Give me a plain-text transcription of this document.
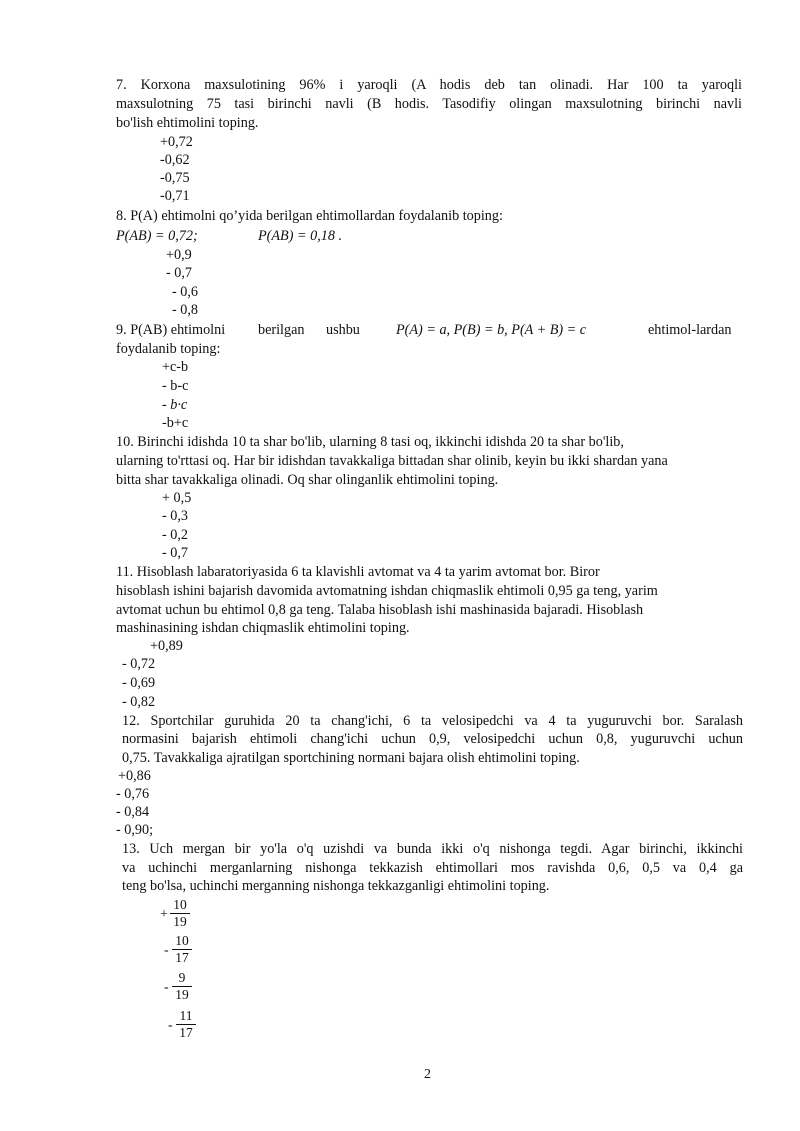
7. Korxona maxsulotining 96% i yaroqli (A hodis deb tan olinadi. Har 100 ta yaroqli
maxsulotning 75 tasi birinchi navli (B hodis. Tasodifiy olingan maxsulotning birinchi navli
bo'lish ehtimolini toping.
+0,72
-0,62
-0,75
-0,71
8. P(A) ehtimolni qo’yida berilgan ehtimollardan foydalanib toping:
P(AB) = 0,72;	P(AB) = 0,18 .
+0,9
- 0,7
- 0,6
- 0,8
9. P(AB) ehtimolni berilgan ushbu	P(A) = a, P(B) = b, P(A + B) = c	ehtimol-lardan
foydalanib toping:
+c-b
- b-c
- b·c
-b+c
10. Birinchi idishda 10 ta shar bo'lib, ularning 8 tasi oq, ikkinchi idishda 20 ta shar bo'lib,
ularning to'rttasi oq. Har bir idishdan tavakkaliga bittadan shar olinib, keyin bu ikki shardan yana
bitta shar tavakkaliga olinadi. Oq shar olinganlik ehtimolini toping.
+ 0,5
- 0,3
- 0,2
- 0,7
11. Hisoblash labaratoriyasida 6 ta klavishli avtomat va 4 ta yarim avtomat bor. Biror
hisoblash ishini bajarish davomida avtomatning ishdan chiqmaslik ehtimoli 0,95 ga teng, yarim
avtomat uchun bu ehtimol 0,8 ga teng. Talaba hisoblash ishi mashinasida bajaradi. Hisoblash
mashinasining ishdan chiqmaslik ehtimolini toping.
+0,89
- 0,72
- 0,69
- 0,82
12. Sportchilar guruhida 20 ta chang'ichi, 6 ta velosipedchi va 4 ta yuguruvchi bor. Saralash
normasini bajarish ehtimoli chang'ichi uchun 0,9, velosipedchi uchun 0,8, yuguruvchi uchun
0,75. Tavakkaliga ajratilgan sportchining normani bajara olish ehtimolini toping.
+0,86
- 0,76
- 0,84
- 0,90;
13. Uch mergan bir yo'la o'q uzishdi va bunda ikki o'q nishonga tegdi. Agar birinchi, ikkinchi
va uchinchi merganlarning nishonga tekkazish ehtimollari mos ravishda 0,6, 0,5 va 0,4 ga
teng bo'lsa, uchinchi merganning nishonga tekkazganligi ehtimolini toping.
+ $\frac{10}{19}$
- $\frac{10}{17}$
- $\frac{9}{19}$
- $\frac{11}{17}$
2
